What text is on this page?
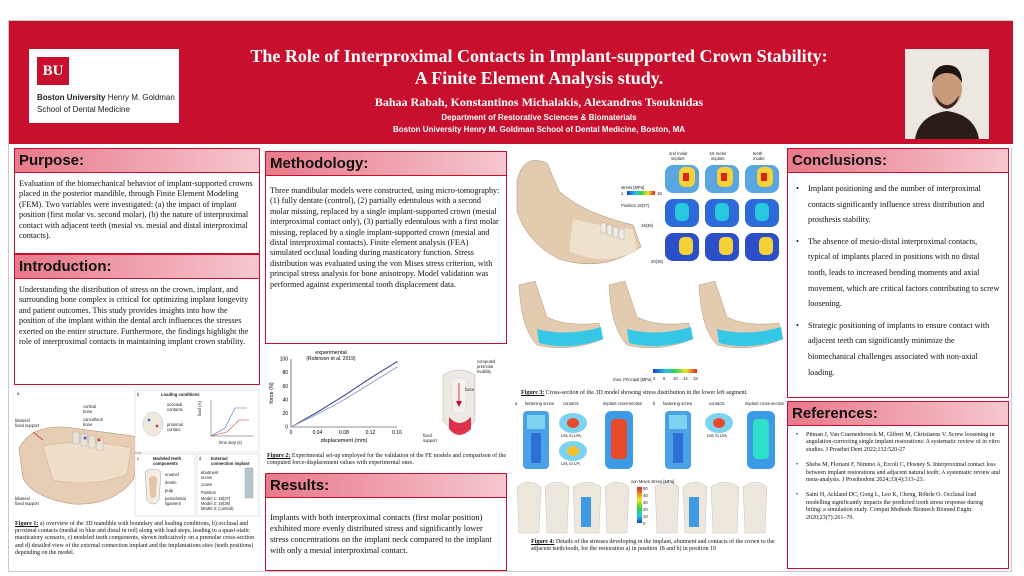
BU
Boston University Henry M. Goldman
School of Dental Medicine
The Role of Interproximal Contacts in Implant-supported Crown Stability:
A Finite Element Analysis study.
Bahaa Rabah, Konstantinos Michalakis, Alexandros Tsouknidas
Department of Restorative Sciences & Biomaterials
Boston University Henry M. Goldman School of Dental Medicine, Boston, MA
Purpose:
Evaluation of the biomechanical behavior of implant-supported crowns placed in the posterior mandible, through Finite Element Modeling (FEM). Two variables were investigated: (a) the impact of implant position (first molar vs. second molar), (b) the nature of interproximal contact with adjacent teeth (mesial vs. mesial and distal interproximal contacts).
Introduction:
Understanding the distribution of stress on the crown, implant, and surrounding bone complex is critical for optimizing implant longevity and patient outcomes. This study provides insights into how the position of the implant within the dental arch influences the stresses exerted on the entire structure. Furthermore, the findings highlight the role of interproximal contacts in maintaining implant crown stability.
a
bilateral fixed support
bilateral fixed support
cortical
bone
cancellous
bone
b	Loading conditions
occlusal
contacts
proximal
contact
load (N)
time step (s)
c	Modeled teeth
components
enamel
dentin
pulp
periodontal
ligament
d External
connection implant
abutment
screw
crown
Position
Model 1: 18(37)
Model 2: 19(36)
Model 3: (control)
Figure 1: a) overview of the 3D mandible with boundary and loading conditions, b) occlusal and proximal contacts (medial in blue and distal in red) along with load steps, leading to a quasi-static masticatory scenario, c) modeled teeth components, shown indicatively on a premolar cross-section and d) detailed view of the external connection implant and the implantations sites (teeth positions) depending on the model.
Methodology:
Three mandibular models were constructed, using micro-tomography: (1) fully dentate (control), (2) partially edentulous with a second molar missing, replaced by a single implant-supported crown (mesial interproximal contact only), (3) partially edentulous with a first molar missing, replaced by a single implant-supported crown (mesial and distal interproximal contacts). Finite element analysis (FEA) simulated occlusal loading during masticatory function. Stress distribution was evaluated using the von Mises stress criterion, with principal stress analysis for bone anisotropy. Model validation was performed against experimental tooth displacement data.
0	0.04	0.08	0.12	0.16
0
20
40
60
80
100
displacement (mm)
force (N)
experimental
(Robinson et al. 2019)
force
computed premolar mobility
fixed
support
Figure 2: Experimental set-up employed for the validation of the FE models and comparison of the computed force-displacement values with experimental ones.
Results:
Implants with both interproximal contacts (first molar position) exhibited more evenly distributed stress and significantly lower stress concentrations on the implant neck compared to the implant with only a mesial interproximal contact.
stress [MPa]
2	18
Position 18(37)
19(36)
20(35)
2nd molar implant
1st molar implant
teeth model
max. Principal [MPa] 2 6 10 14 18
Figure 3: Cross-section of the 3D model showing stress distribution in the lower left segment.
a	b
fastening screw contacts	implant cross-section	fastening screw	contacts	implant cross-section
LM₁ to LM₂
LM₁ to LP₁
LM₁ to LM₂
von Mises stress [MPa]
50
40
30
20
10
0
Figure 4: Details of the stresses developing in the implant, abutment and contacts of the crown to the adjacent teeth/tooth, for the restoration a) in position 18 and b) in position 19
Conclusions:
• Implant positioning and the number of interproximal contacts significantly influence stress distribution and prosthesis stability.
• The absence of mesio-distal interproximal contacts, typical of implants placed in positions with no distal tooth, leads to increased bending moments and axial movement, which are critical factors contributing to screw loosening.
• Strategic positioning of implants to ensure contact with adjacent teeth can significantly minimize the biomechanical challenges associated with non-axial loading.
References:
• Pitman J, Van Craenenbroeck M, Glibert M, Christiaens V. Screw loosening in angulation-correcting single implant restorations: A systematic review of in vitro studies. J Prosthet Dent 2022;132:520-27
• Sheba M, Floriani F, Nimmo A, Ercoli C, Hosney S. Interproximal contact loss between implant restorations and adjacent natural teeth: A systematic review and meta-analysis. J Prosthodont 2024;33(4):313–23.
• Saini H, Ackland DC, Gong L, Leo K, Cheng, Röhrle O. Occlusal load modelling significantly impacts the predicted tooth stress response during biting: a simulation study. Comput Methods Biomech Biomed Engin. 2020;23(7):261–70.
